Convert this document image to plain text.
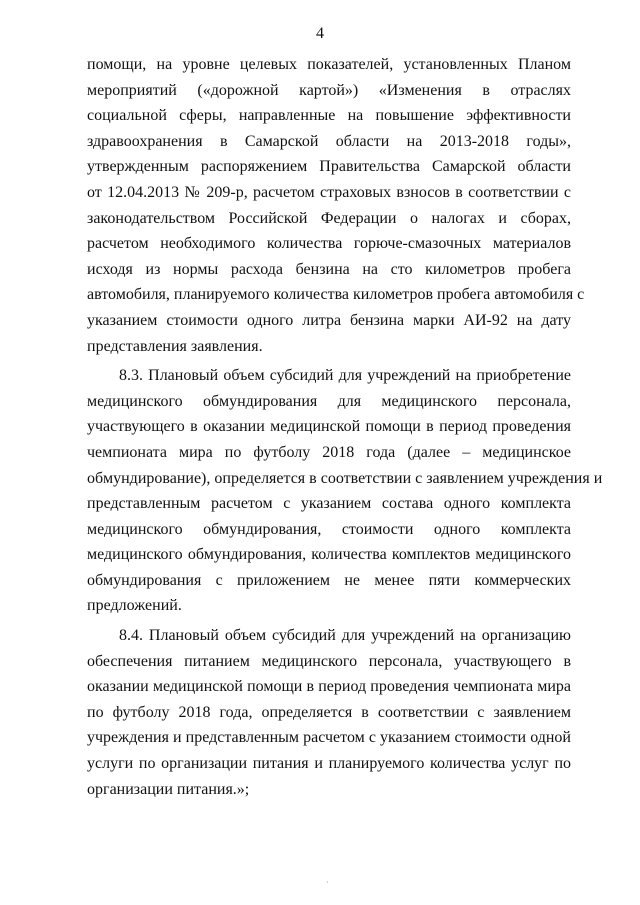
4
помощи, на уровне целевых показателей, установленных Планом
мероприятий («дорожной картой») «Изменения в отраслях
социальной сферы, направленные на повышение эффективности
здравоохранения в Самарской области на 2013-2018 годы»,
утвержденным распоряжением Правительства Самарской области
от 12.04.2013 № 209-р, расчетом страховых взносов в соответствии с
законодательством Российской Федерации о налогах и сборах,
расчетом необходимого количества горюче-смазочных материалов
исходя из нормы расхода бензина на сто километров пробега
автомобиля, планируемого количества километров пробега автомобиля с
указанием стоимости одного литра бензина марки АИ-92 на дату
представления заявления.
8.3. Плановый объем субсидий для учреждений на приобретение
медицинского обмундирования для медицинского персонала,
участвующего в оказании медицинской помощи в период проведения
чемпионата мира по футболу 2018 года (далее – медицинское
обмундирование), определяется в соответствии с заявлением учреждения и
представленным расчетом с указанием состава одного комплекта
медицинского обмундирования, стоимости одного комплекта
медицинского обмундирования, количества комплектов медицинского
обмундирования с приложением не менее пяти коммерческих
предложений.
8.4. Плановый объем субсидий для учреждений на организацию
обеспечения питанием медицинского персонала, участвующего в
оказании медицинской помощи в период проведения чемпионата мира
по футболу 2018 года, определяется в соответствии с заявлением
учреждения и представленным расчетом с указанием стоимости одной
услуги по организации питания и планируемого количества услуг по
организации питания.»;
·
